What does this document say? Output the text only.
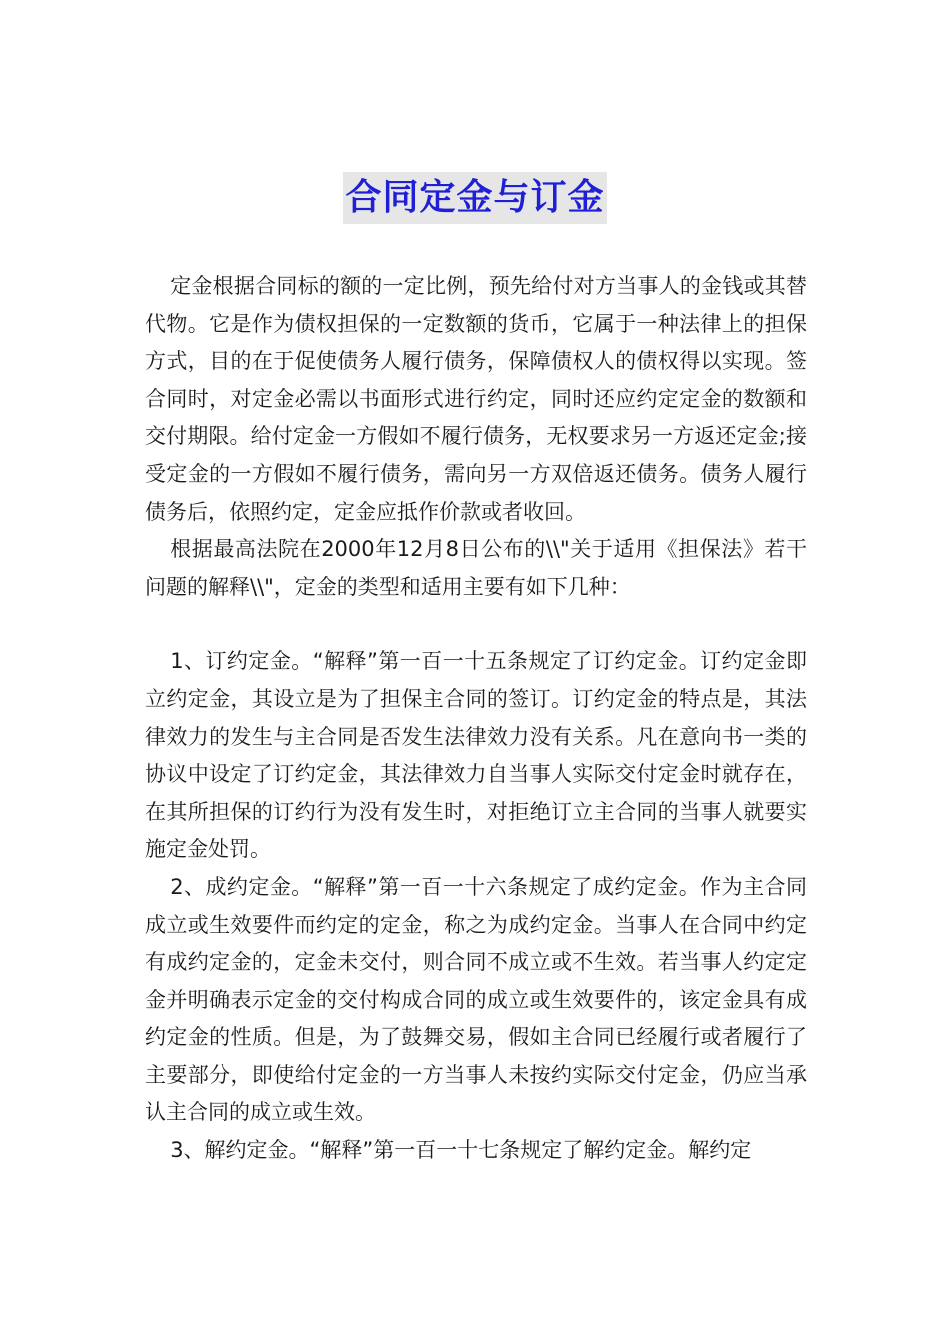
合同定金与订金

定金根据合同标的额的一定比例，预先给付对方当事人的金钱或其替代物。它是作为债权担保的一定数额的货币，它属于一种法律上的担保方式，目的在于促使债务人履行债务，保障债权人的债权得以实现。签合同时，对定金必需以书面形式进行约定，同时还应约定定金的数额和交付期限。给付定金一方假如不履行债务，无权要求另一方返还定金;接受定金的一方假如不履行债务，需向另一方双倍返还债务。债务人履行债务后，依照约定，定金应抵作价款或者收回。

根据最高法院在2000年12月8日公布的\\"关于适用《担保法》若干问题的解释\\"，定金的类型和适用主要有如下几种：

1、订约定金。“解释”第一百一十五条规定了订约定金。订约定金即立约定金，其设立是为了担保主合同的签订。订约定金的特点是，其法律效力的发生与主合同是否发生法律效力没有关系。凡在意向书一类的协议中设定了订约定金，其法律效力自当事人实际交付定金时就存在，在其所担保的订约行为没有发生时，对拒绝订立主合同的当事人就要实施定金处罚。

2、成约定金。“解释”第一百一十六条规定了成约定金。作为主合同成立或生效要件而约定的定金，称之为成约定金。当事人在合同中约定有成约定金的，定金未交付，则合同不成立或不生效。若当事人约定定金并明确表示定金的交付构成合同的成立或生效要件的，该定金具有成约定金的性质。但是，为了鼓舞交易，假如主合同已经履行或者履行了主要部分，即使给付定金的一方当事人未按约实际交付定金，仍应当承认主合同的成立或生效。

3、解约定金。“解释”第一百一十七条规定了解约定金。解约定
